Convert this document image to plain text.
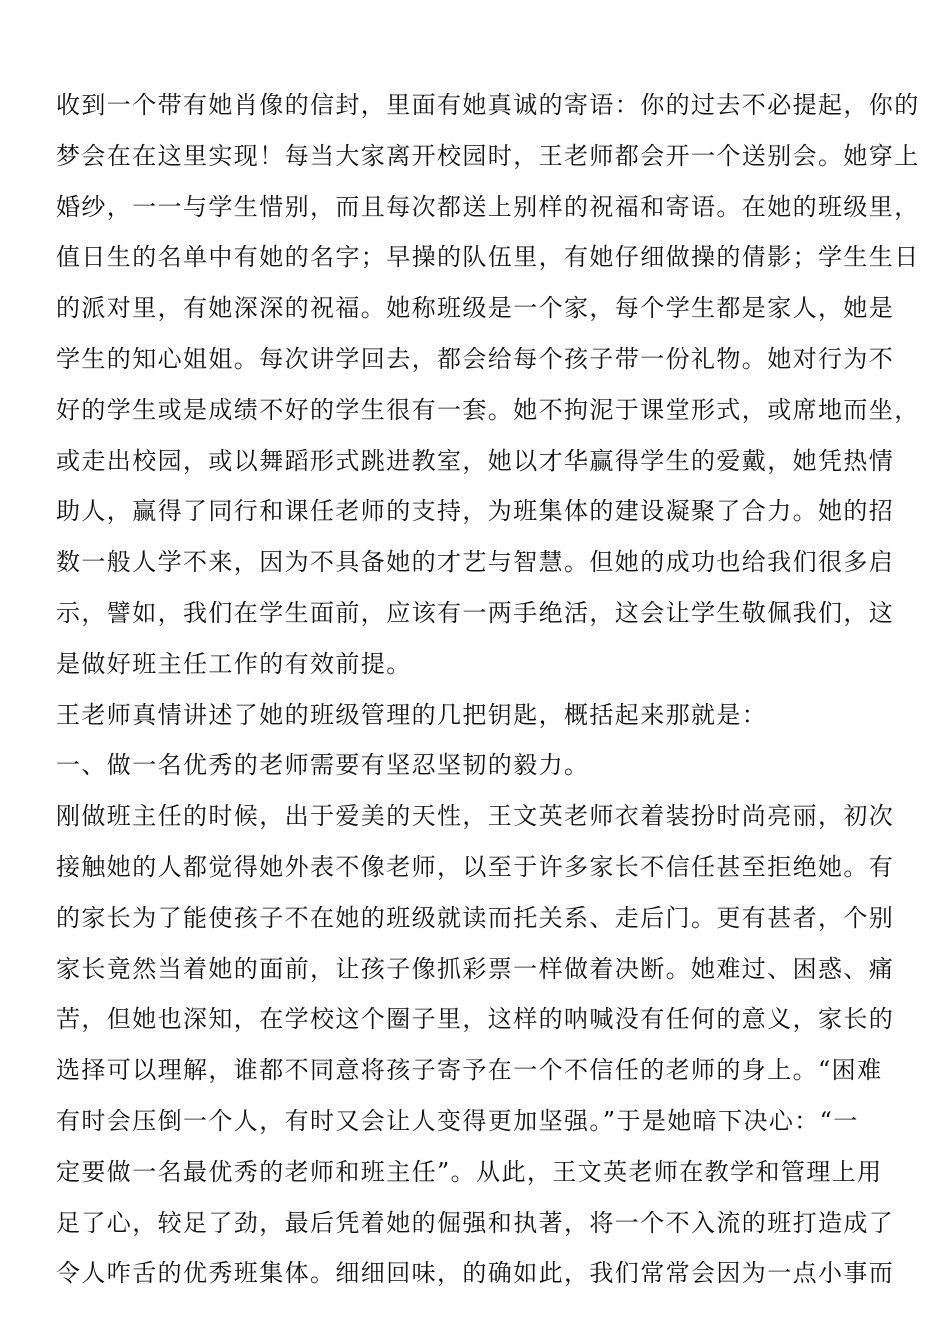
收到一个带有她肖像的信封，里面有她真诚的寄语：你的过去不必提起，你的
梦会在在这里实现！每当大家离开校园时，王老师都会开一个送别会。她穿上
婚纱，一一与学生惜别，而且每次都送上别样的祝福和寄语。在她的班级里，
值日生的名单中有她的名字；早操的队伍里，有她仔细做操的倩影；学生生日
的派对里，有她深深的祝福。她称班级是一个家，每个学生都是家人，她是
学生的知心姐姐。每次讲学回去，都会给每个孩子带一份礼物。她对行为不
好的学生或是成绩不好的学生很有一套。她不拘泥于课堂形式，或席地而坐，
或走出校园，或以舞蹈形式跳进教室，她以才华赢得学生的爱戴，她凭热情
助人，赢得了同行和课任老师的支持，为班集体的建设凝聚了合力。她的招
数一般人学不来，因为不具备她的才艺与智慧。但她的成功也给我们很多启
示，譬如，我们在学生面前，应该有一两手绝活，这会让学生敬佩我们，这
是做好班主任工作的有效前提。
王老师真情讲述了她的班级管理的几把钥匙，概括起来那就是：
一、做一名优秀的老师需要有坚忍坚韧的毅力。
刚做班主任的时候，出于爱美的天性，王文英老师衣着装扮时尚亮丽，初次
接触她的人都觉得她外表不像老师，以至于许多家长不信任甚至拒绝她。有
的家长为了能使孩子不在她的班级就读而托关系、走后门。更有甚者，个别
家长竟然当着她的面前，让孩子像抓彩票一样做着决断。她难过、困惑、痛
苦，但她也深知，在学校这个圈子里，这样的呐喊没有任何的意义，家长的
选择可以理解，谁都不同意将孩子寄予在一个不信任的老师的身上。“困难
有时会压倒一个人，有时又会让人变得更加坚强。”于是她暗下决心：“一
定要做一名最优秀的老师和班主任”。从此，王文英老师在教学和管理上用
足了心，较足了劲，最后凭着她的倔强和执著，将一个不入流的班打造成了
令人咋舌的优秀班集体。细细回味，的确如此，我们常常会因为一点小事而
